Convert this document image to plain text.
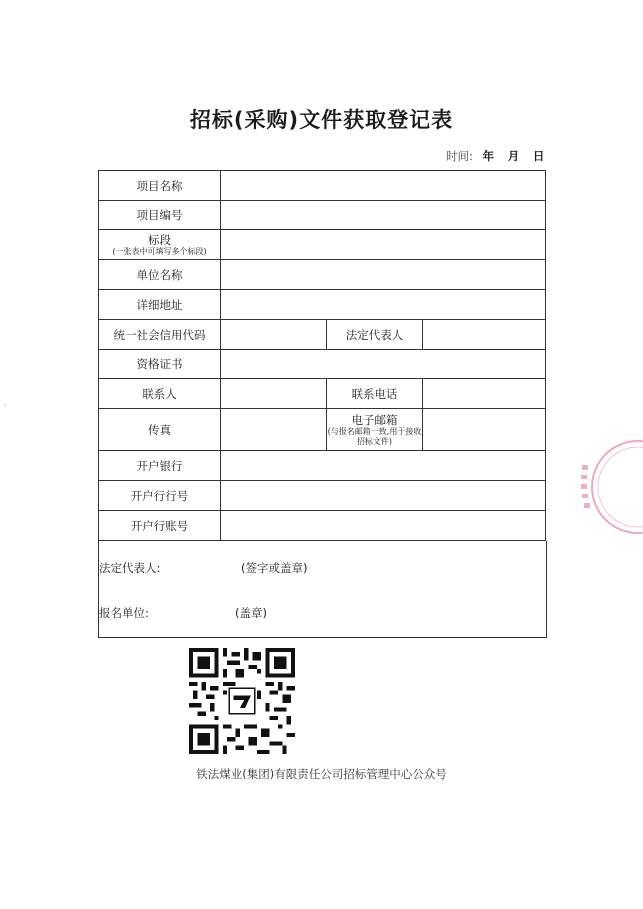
招标(采购)文件获取登记表
时间: 年 月 日
项目名称			
项目编号			

标段
(一张表中可填写多个标段)			

单位名称			
详细地址			
统一社会信用代码		法定代表人	
资格证书			
联系人		联系电话	
传真		电子邮箱
(与报名邮箱一致,用于接收招标文件)	

开户银行			
开户行行号			
开户行账号			
法定代表人:	(签字或盖章)
报名单位:	(盖章)
铁法煤业(集团)有限责任公司招标管理中心公众号
